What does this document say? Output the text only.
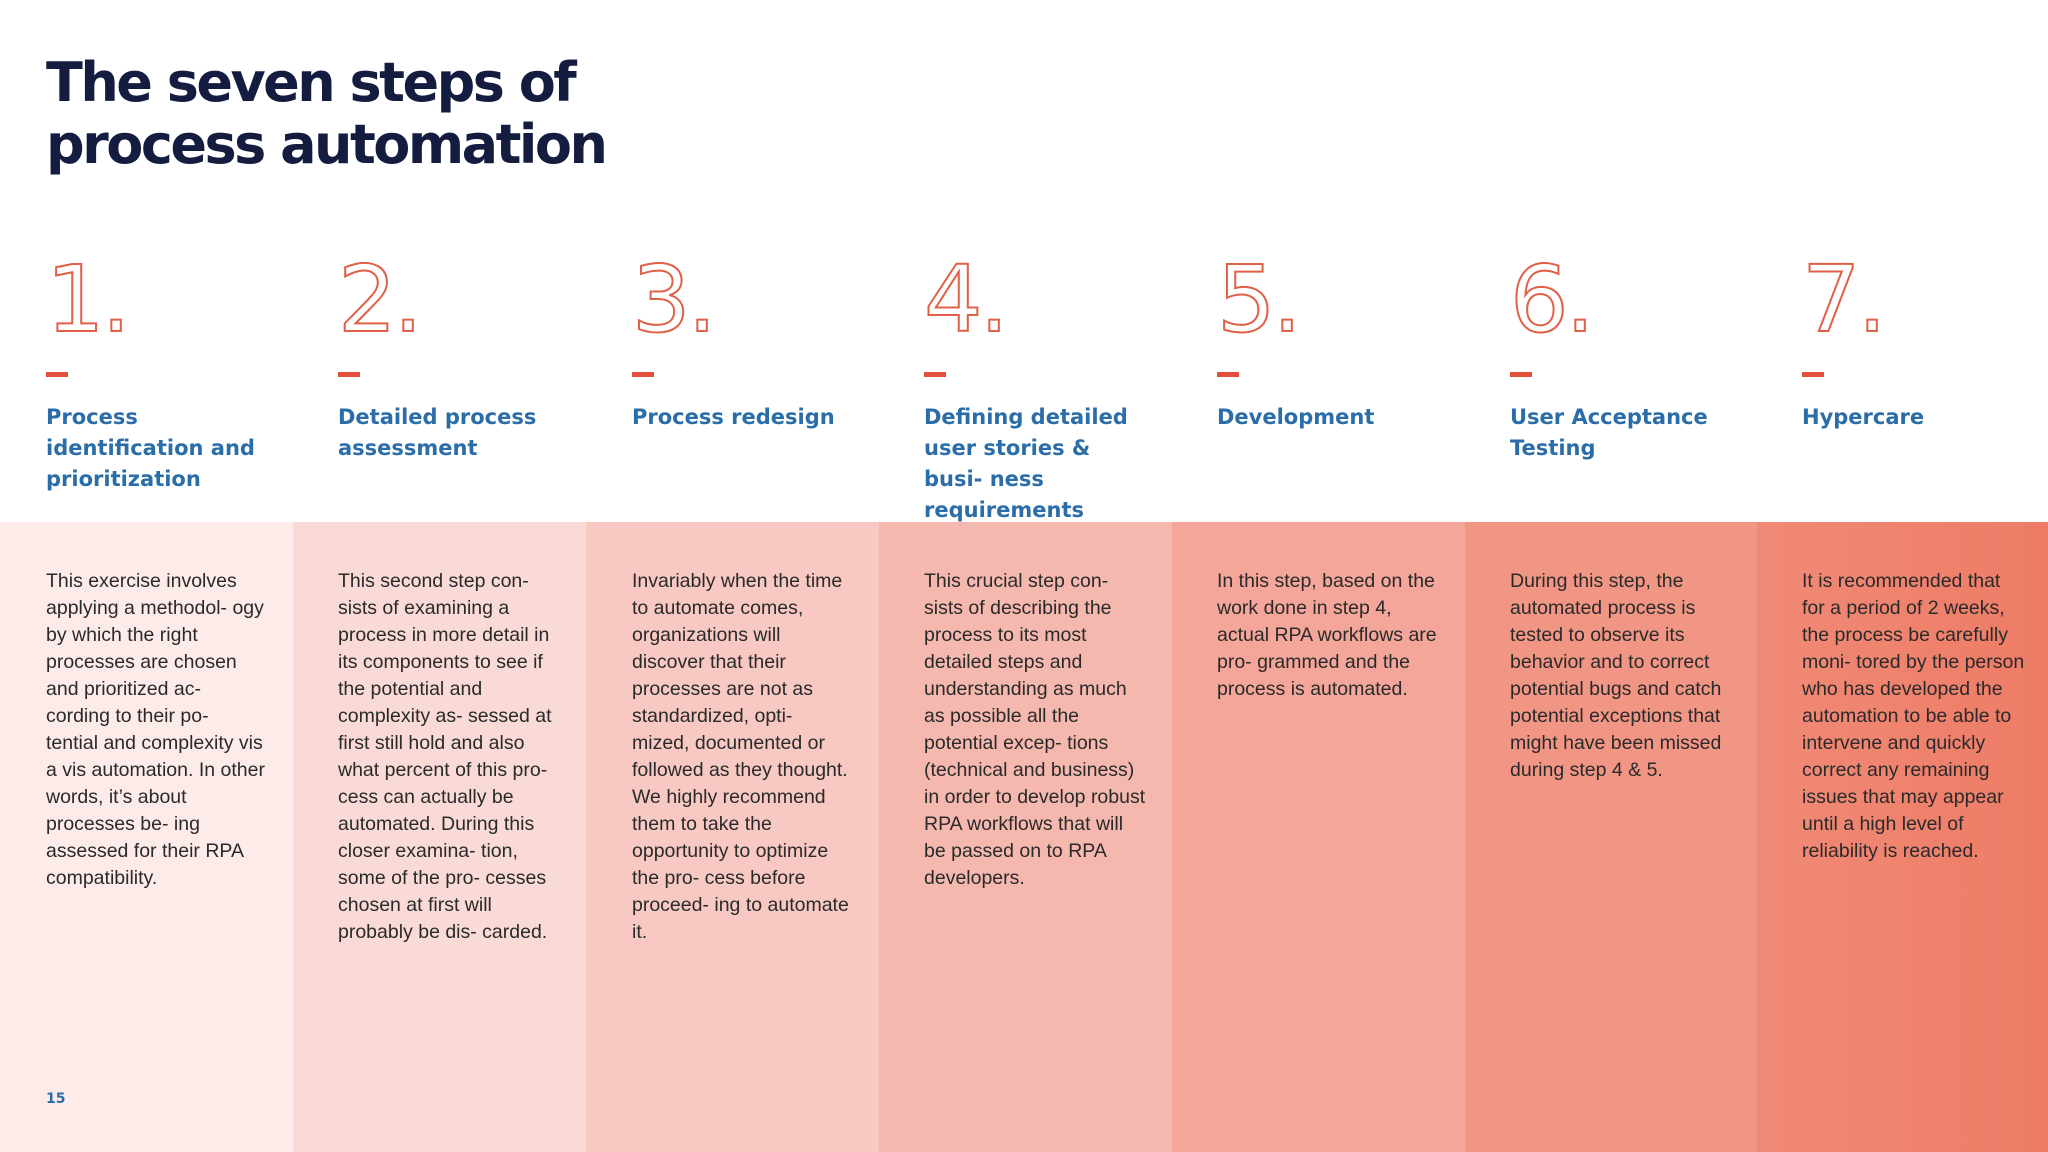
The seven steps of
process automation
1.
Process identification and prioritization
This exercise involves applying a methodol- ogy by which the right processes are chosen and prioritized ac- cording to their po- tential and complexity vis a vis automation. In other words, it’s about processes be- ing assessed for their RPA compatibility.
2.
Detailed process assessment
This second step con- sists of examining a process in more detail in its components to see if the potential and complexity as- sessed at first still hold and also what percent of this pro- cess can actually be automated. During this closer examina- tion, some of the pro- cesses chosen at first will probably be dis- carded.
3.
Process redesign
Invariably when the time to automate comes, organizations will discover that their processes are not as standardized, opti- mized, documented or followed as they thought. We highly recommend them to take the opportunity to optimize the pro- cess before proceed- ing to automate it.
4.
Defining detailed user stories & busi- ness requirements
This crucial step con- sists of describing the process to its most detailed steps and understanding as much as possible all the potential excep- tions (technical and business) in order to develop robust RPA workflows that will be passed on to RPA developers.
5.
Development
In this step, based on the work done in step 4, actual RPA workflows are pro- grammed and the process is automated.
6.
User Acceptance Testing
During this step, the automated process is tested to observe its behavior and to correct potential bugs and catch potential exceptions that might have been missed during step 4 & 5.
7.
Hypercare
It is recommended that for a period of 2 weeks, the process be carefully moni- tored by the person who has developed the automation to be able to intervene and quickly correct any remaining issues that may appear until a high level of reliability is reached.
15
